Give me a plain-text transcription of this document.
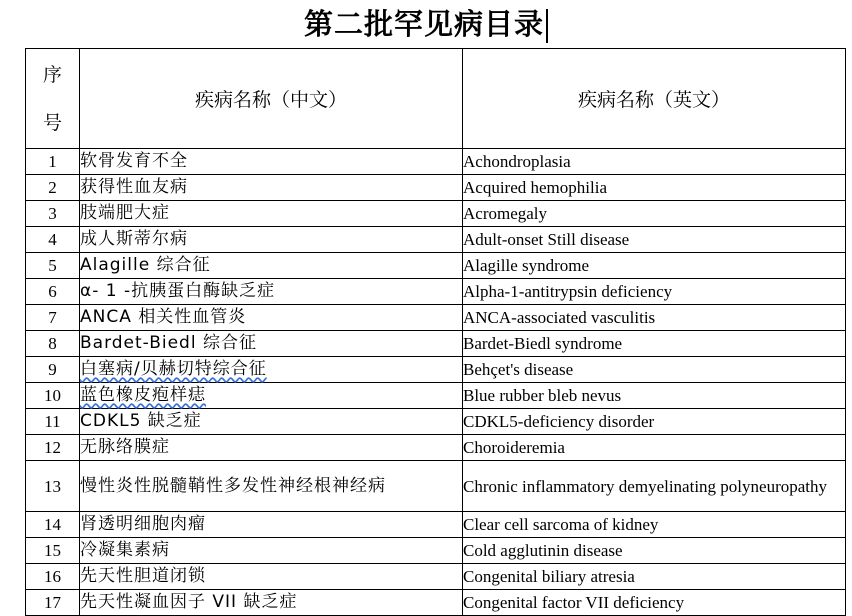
第二批罕见病目录
序
号	疾病名称（中文）	疾病名称（英文）
1	软骨发育不全	Achondroplasia
2	获得性血友病	Acquired hemophilia
3	肢端肥大症	Acromegaly
4	成人斯蒂尔病	Adult-onset Still disease
5	Alagille 综合征	Alagille syndrome
6	α- 1 -抗胰蛋白酶缺乏症	Alpha-1-antitrypsin deficiency
7	ANCA 相关性血管炎	ANCA-associated vasculitis
8	Bardet-Biedl 综合征	Bardet-Biedl syndrome
9	白塞病/贝赫切特综合征	Behçet's disease
10	蓝色橡皮疱样痣	Blue rubber bleb nevus
11	CDKL5 缺乏症	CDKL5-deficiency disorder
12	无脉络膜症	Choroideremia
13	慢性炎性脱髓鞘性多发性神经根神经病	Chronic inflammatory demyelinating polyneuropathy
14	肾透明细胞肉瘤	Clear cell sarcoma of kidney
15	冷凝集素病	Cold agglutinin disease
16	先天性胆道闭锁	Congenital biliary atresia
17	先天性凝血因子 VII 缺乏症	Congenital factor VII deficiency
